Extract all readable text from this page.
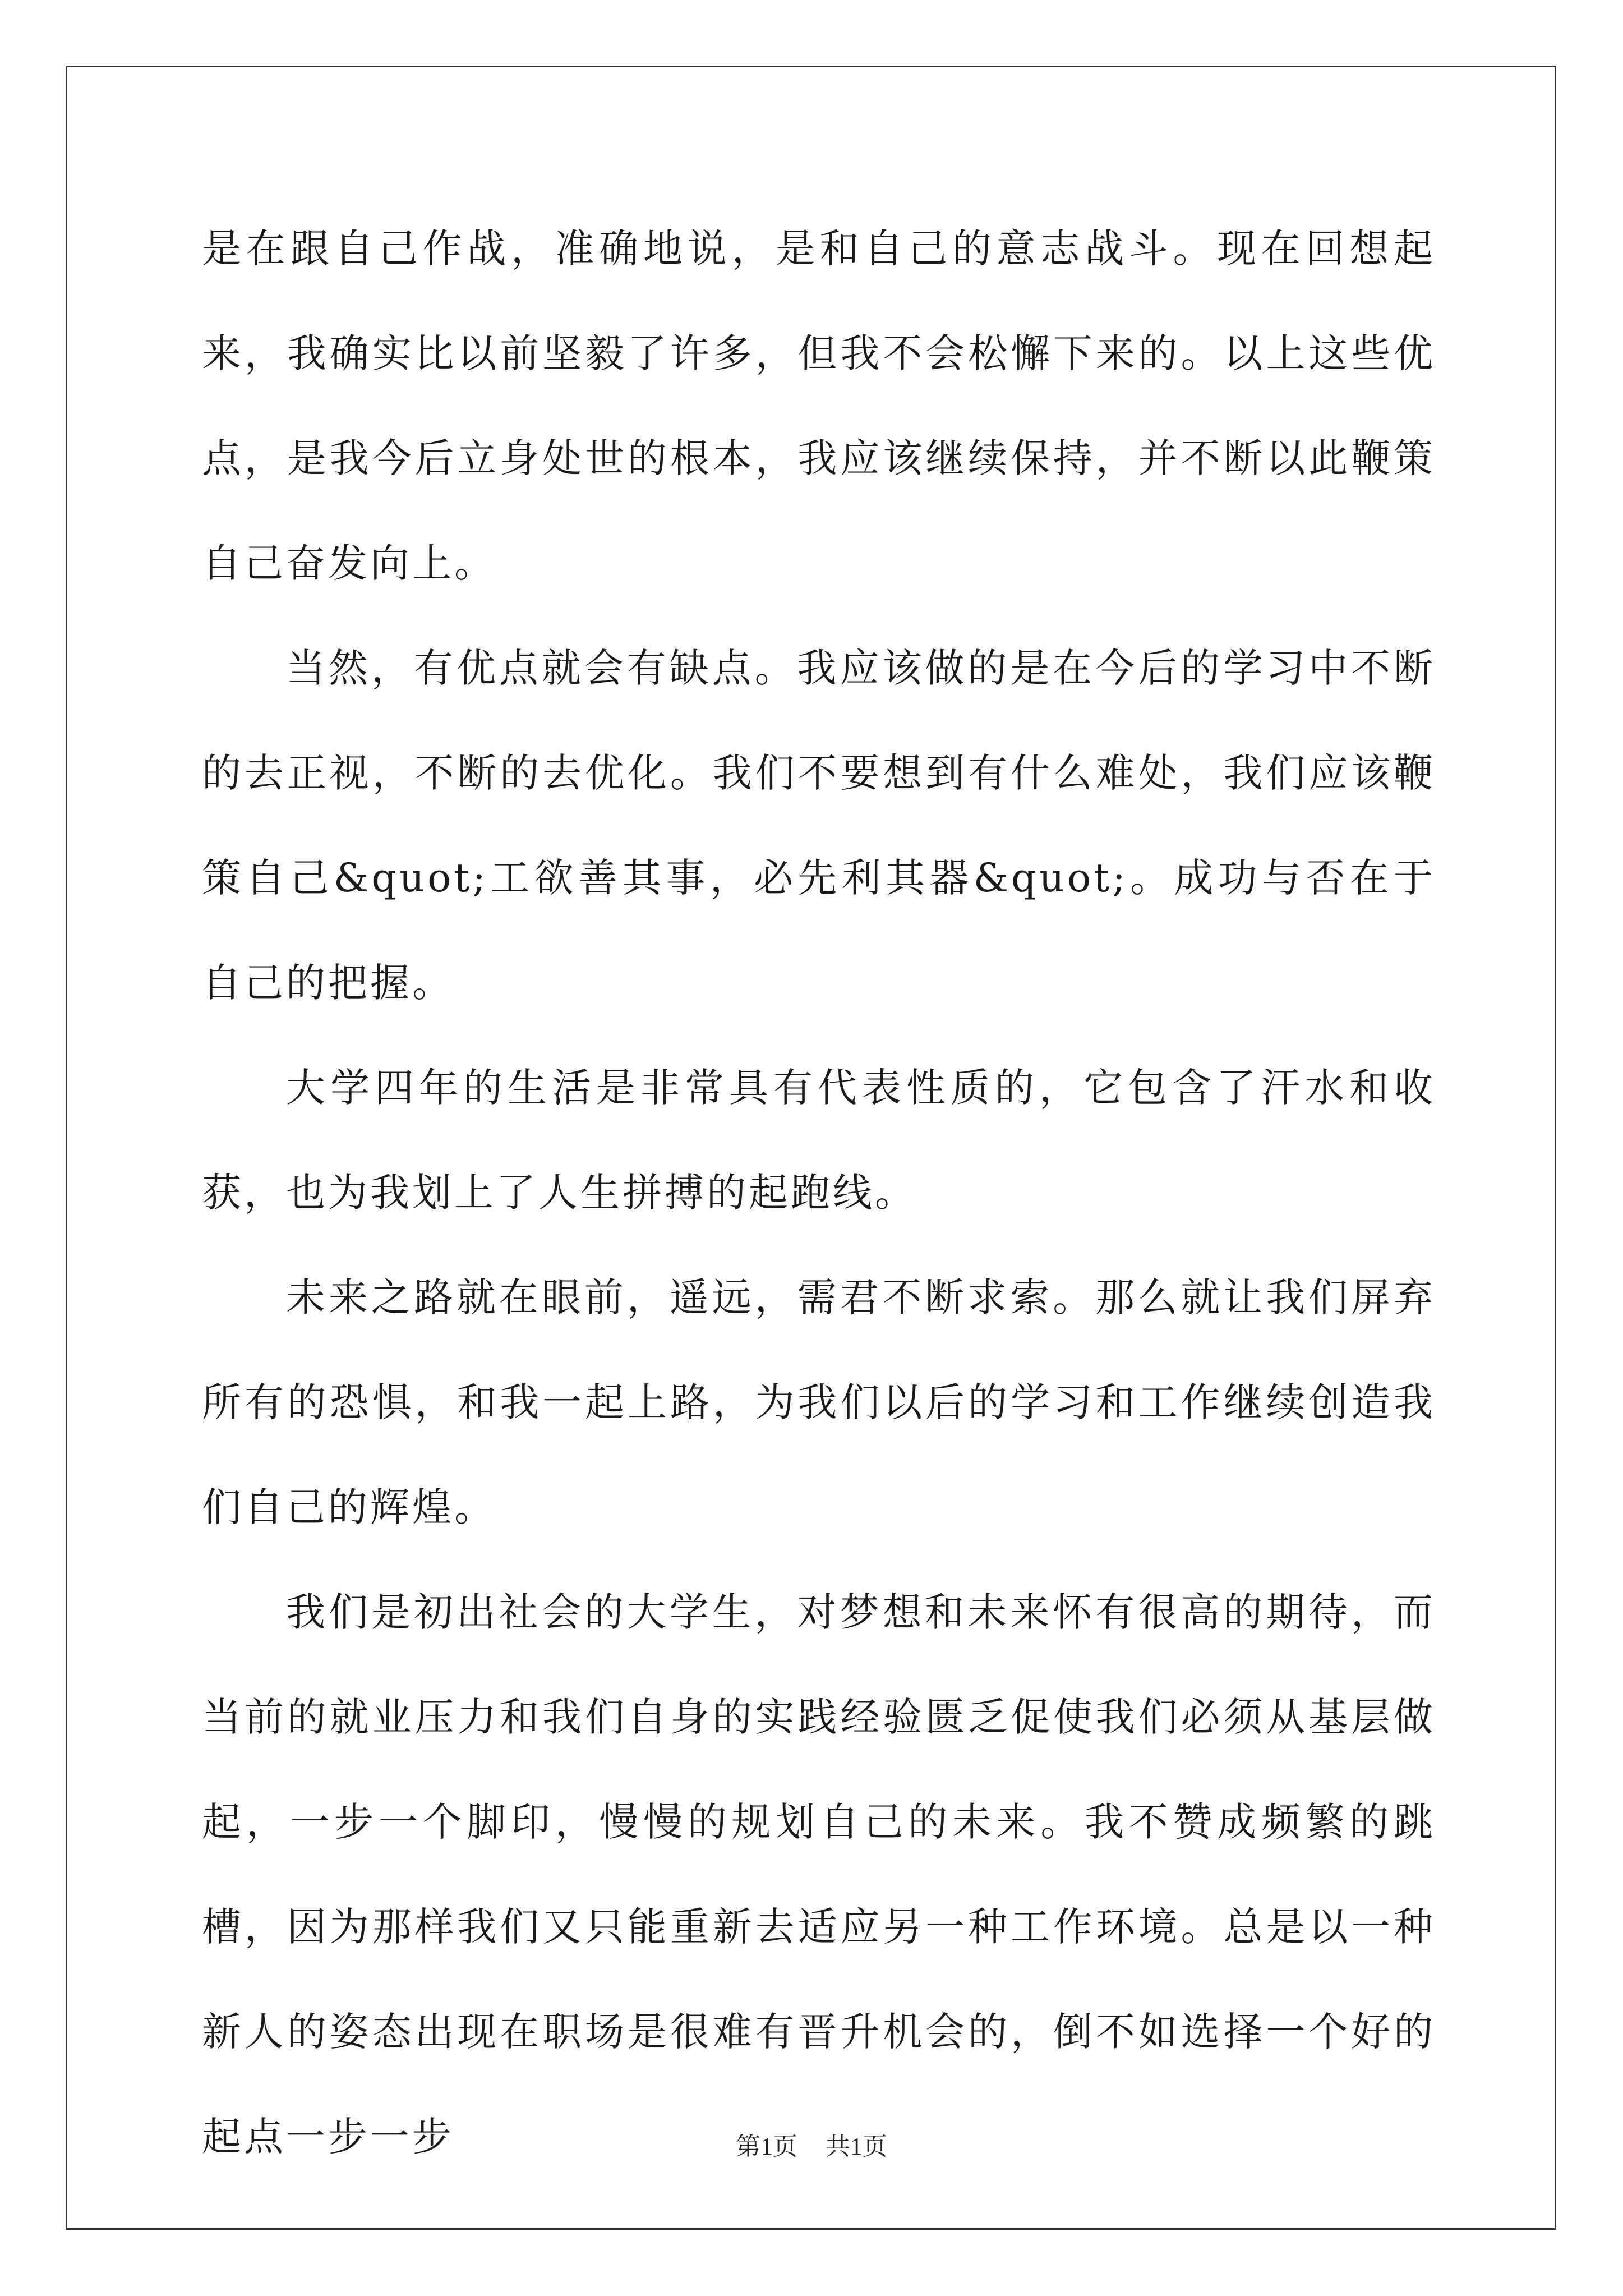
是在跟自己作战，准确地说，是和自己的意志战斗。现在回想起来，我确实比以前坚毅了许多，但我不会松懈下来的。以上这些优点，是我今后立身处世的根本，我应该继续保持，并不断以此鞭策自己奋发向上。

当然，有优点就会有缺点。我应该做的是在今后的学习中不断的去正视，不断的去优化。我们不要想到有什么难处，我们应该鞭策自己&quot;工欲善其事，必先利其器&quot;。成功与否在于自己的把握。

大学四年的生活是非常具有代表性质的，它包含了汗水和收获，也为我划上了人生拼搏的起跑线。

未来之路就在眼前，遥远，需君不断求索。那么就让我们屏弃所有的恐惧，和我一起上路，为我们以后的学习和工作继续创造我们自己的辉煌。

我们是初出社会的大学生，对梦想和未来怀有很高的期待，而当前的就业压力和我们自身的实践经验匮乏促使我们必须从基层做起，一步一个脚印，慢慢的规划自己的未来。我不赞成频繁的跳槽，因为那样我们又只能重新去适应另一种工作环境。总是以一种新人的姿态出现在职场是很难有晋升机会的，倒不如选择一个好的起点一步一步	第1页 共1页
